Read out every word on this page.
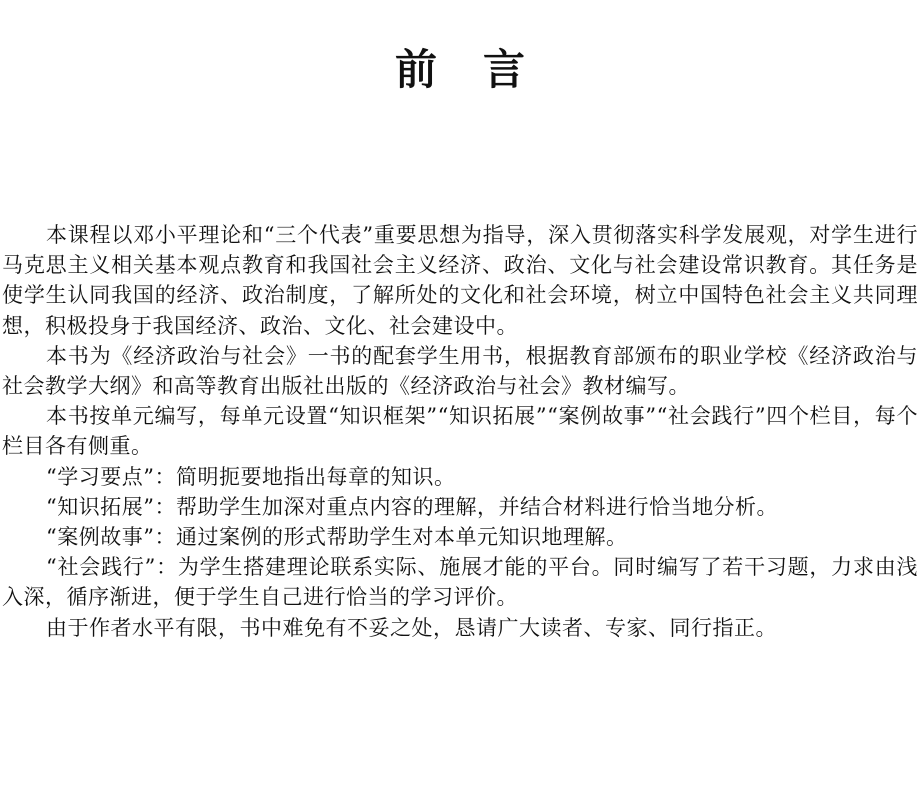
前言

本课程以邓小平理论和“三个代表”重要思想为指导，深入贯彻落实科学发展观，对学生进行马克思主义相关基本观点教育和我国社会主义经济、政治、文化与社会建设常识教育。其任务是使学生认同我国的经济、政治制度，了解所处的文化和社会环境，树立中国特色社会主义共同理想，积极投身于我国经济、政治、文化、社会建设中。

本书为《经济政治与社会》一书的配套学生用书，根据教育部颁布的职业学校《经济政治与社会教学大纲》和高等教育出版社出版的《经济政治与社会》教材编写。

本书按单元编写，每单元设置“知识框架”“知识拓展”“案例故事”“社会践行”四个栏目，每个栏目各有侧重。

“学习要点”：简明扼要地指出每章的知识。

“知识拓展”：帮助学生加深对重点内容的理解，并结合材料进行恰当地分析。

“案例故事”：通过案例的形式帮助学生对本单元知识地理解。

“社会践行”：为学生搭建理论联系实际、施展才能的平台。同时编写了若干习题，力求由浅入深，循序渐进，便于学生自己进行恰当的学习评价。

由于作者水平有限，书中难免有不妥之处，恳请广大读者、专家、同行指正。
